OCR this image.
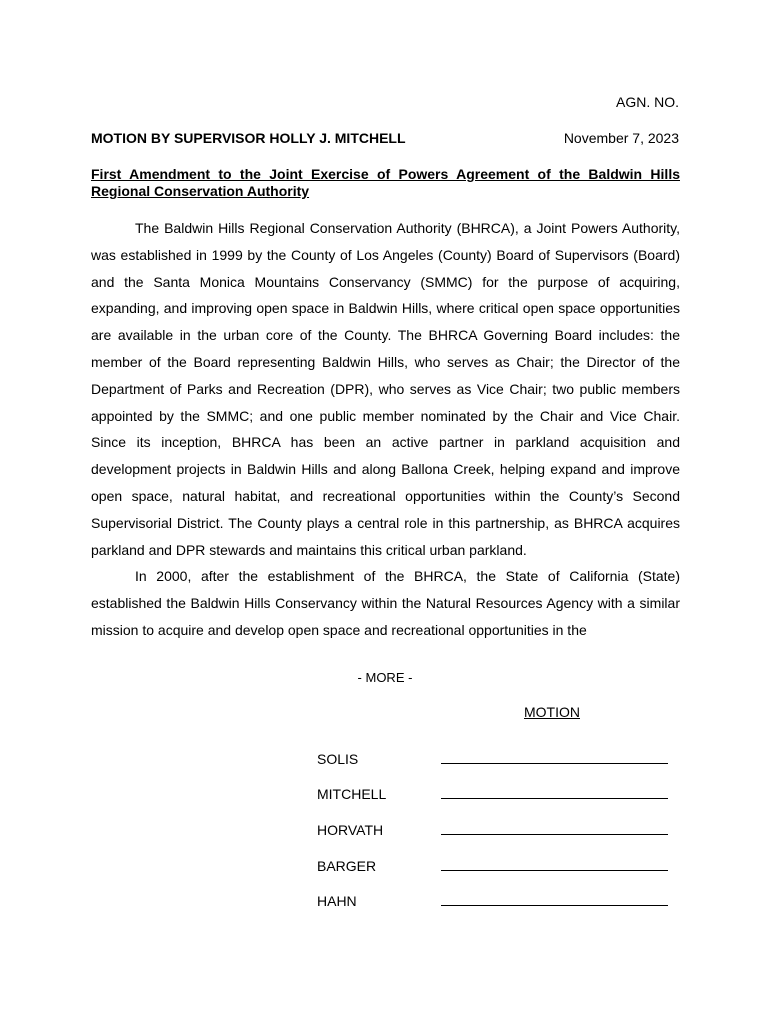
AGN. NO.
MOTION BY SUPERVISOR HOLLY J. MITCHELL	November 7, 2023
First Amendment to the Joint Exercise of Powers Agreement of the Baldwin Hills Regional Conservation Authority

The Baldwin Hills Regional Conservation Authority (BHRCA), a Joint Powers Authority, was established in 1999 by the County of Los Angeles (County) Board of Supervisors (Board) and the Santa Monica Mountains Conservancy (SMMC) for the purpose of acquiring, expanding, and improving open space in Baldwin Hills, where critical open space opportunities are available in the urban core of the County. The BHRCA Governing Board includes: the member of the Board representing Baldwin Hills, who serves as Chair; the Director of the Department of Parks and Recreation (DPR), who serves as Vice Chair; two public members appointed by the SMMC; and one public member nominated by the Chair and Vice Chair. Since its inception, BHRCA has been an active partner in parkland acquisition and development projects in Baldwin Hills and along Ballona Creek, helping expand and improve open space, natural habitat, and recreational opportunities within the County’s Second Supervisorial District. The County plays a central role in this partnership, as BHRCA acquires parkland and DPR stewards and maintains this critical urban parkland.

In 2000, after the establishment of the BHRCA, the State of California (State) established the Baldwin Hills Conservancy within the Natural Resources Agency with a similar mission to acquire and develop open space and recreational opportunities in the

- MORE -
MOTION
SOLIS
MITCHELL
HORVATH
BARGER
HAHN
